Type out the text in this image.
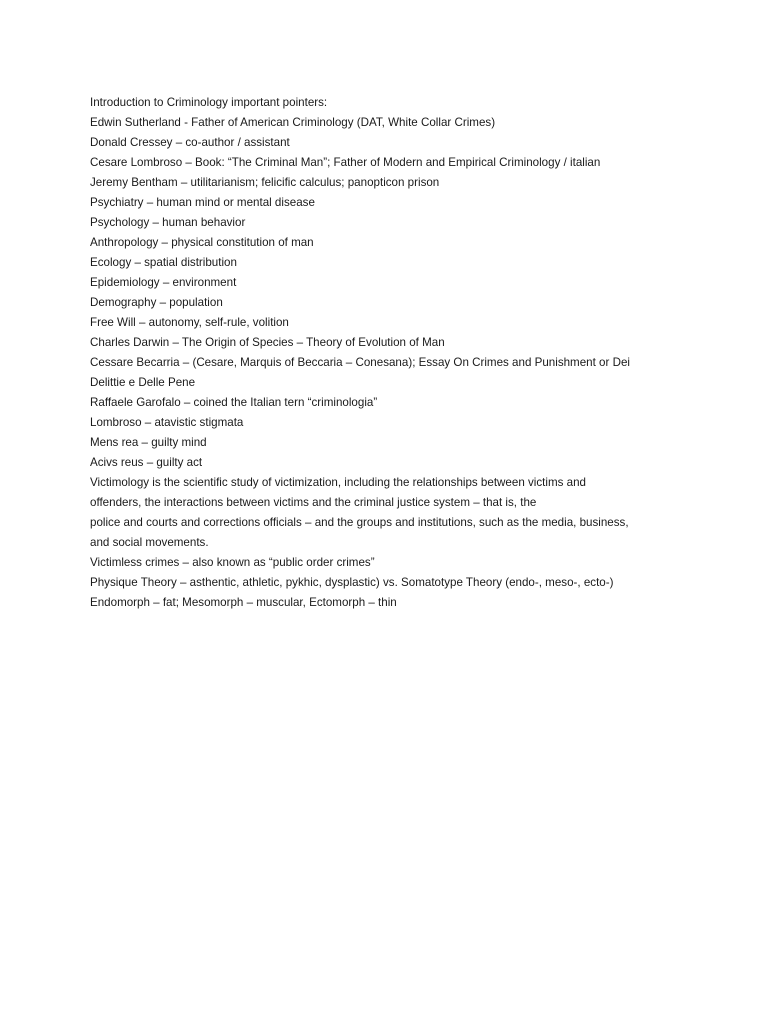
Introduction to Criminology important pointers:
Edwin Sutherland - Father of American Criminology (DAT, White Collar Crimes)
Donald Cressey – co-author / assistant
Cesare Lombroso – Book: “The Criminal Man”; Father of Modern and Empirical Criminology / italian
Jeremy Bentham – utilitarianism; felicific calculus; panopticon prison
Psychiatry – human mind or mental disease
Psychology – human behavior
Anthropology – physical constitution of man
Ecology – spatial distribution
Epidemiology – environment
Demography – population
Free Will – autonomy, self-rule, volition
Charles Darwin – The Origin of Species – Theory of Evolution of Man
Cessare Becarria – (Cesare, Marquis of Beccaria – Conesana); Essay On Crimes and Punishment or Dei
Delittie e Delle Pene
Raffaele Garofalo – coined the Italian tern “criminologia”
Lombroso – atavistic stigmata
Mens rea – guilty mind
Acivs reus – guilty act
Victimology is the scientific study of victimization, including the relationships between victims and
offenders, the interactions between victims and the criminal justice system – that is, the
police and courts and corrections officials – and the groups and institutions, such as the media, business,
and social movements.
Victimless crimes – also known as “public order crimes”
Physique Theory – asthentic, athletic, pykhic, dysplastic) vs. Somatotype Theory (endo-, meso-, ecto-)
Endomorph – fat; Mesomorph – muscular, Ectomorph – thin
